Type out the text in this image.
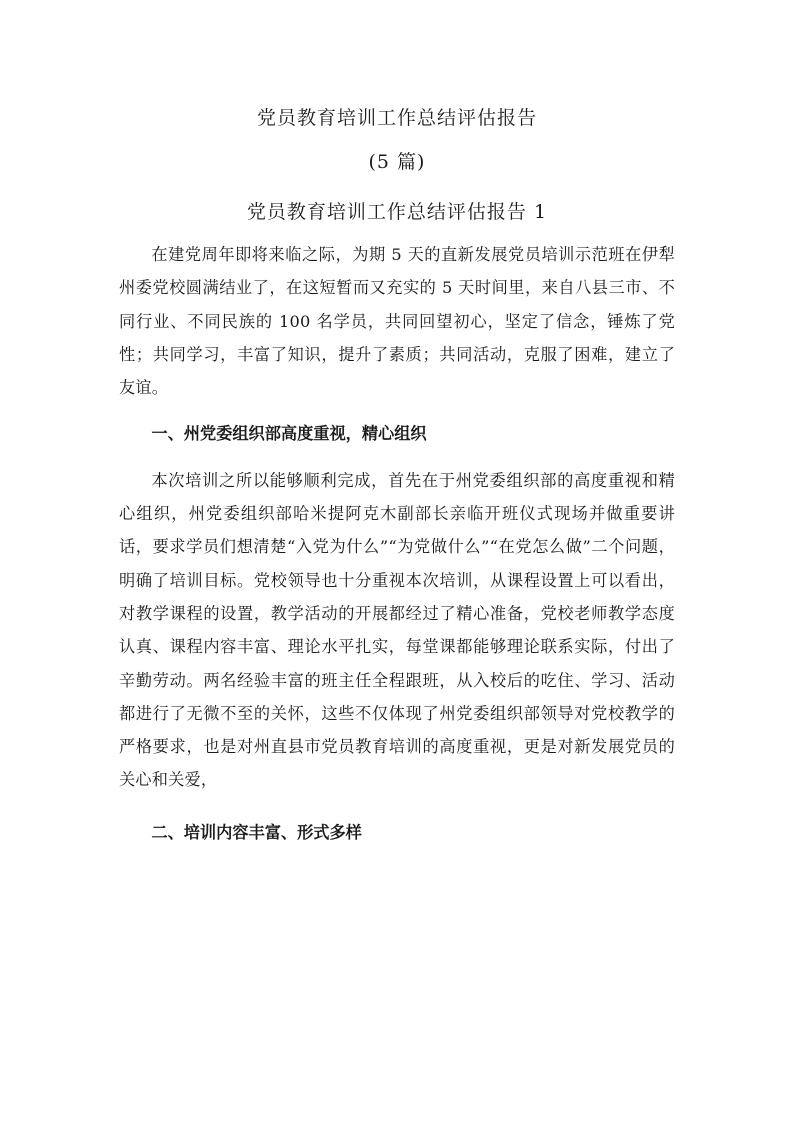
党员教育培训工作总结评估报告
(5 篇)
党员教育培训工作总结评估报告 1

在建党周年即将来临之际，为期 5 天的直新发展党员培训示范班在伊犁州委党校圆满结业了，在这短暂而又充实的 5 天时间里，来自八县三市、不同行业、不同民族的 100 名学员，共同回望初心，坚定了信念，锤炼了党性；共同学习，丰富了知识，提升了素质；共同活动，克服了困难，建立了友谊。

一、州党委组织部高度重视，精心组织

本次培训之所以能够顺利完成，首先在于州党委组织部的高度重视和精心组织，州党委组织部哈米提阿克木副部长亲临开班仪式现场并做重要讲话，要求学员们想清楚“入党为什么”“为党做什么”“在党怎么做”二个问题，明确了培训目标。党校领导也十分重视本次培训，从课程设置上可以看出，对教学课程的设置，教学活动的开展都经过了精心准备，党校老师教学态度认真、课程内容丰富、理论水平扎实，每堂课都能够理论联系实际，付出了辛勤劳动。两名经验丰富的班主任全程跟班，从入校后的吃住、学习、活动都进行了无微不至的关怀，这些不仅体现了州党委组织部领导对党校教学的严格要求，也是对州直县市党员教育培训的高度重视，更是对新发展党员的关心和关爱，

二、培训内容丰富、形式多样
